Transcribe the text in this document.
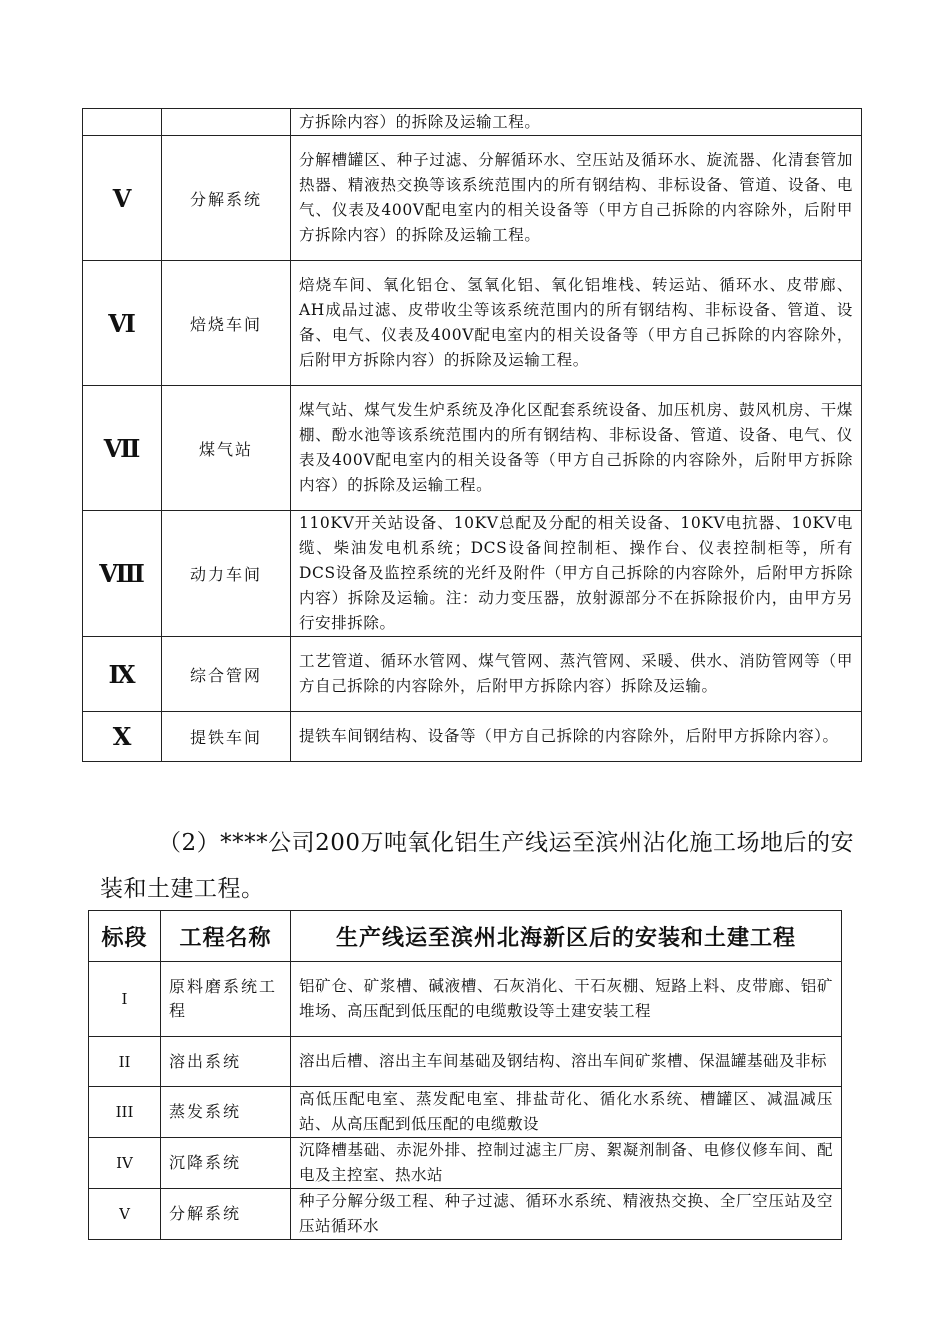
		方拆除内容）的拆除及运输工程。
V	分解系统	分解槽罐区、种子过滤、分解循环水、空压站及循环水、旋流器、化清套管加热器、精液热交换等该系统范围内的所有钢结构、非标设备、管道、设备、电气、仪表及400V配电室内的相关设备等（甲方自己拆除的内容除外，后附甲方拆除内容）的拆除及运输工程。
Ⅵ	焙烧车间	焙烧车间、氧化铝仓、氢氧化铝、氧化铝堆栈、转运站、循环水、皮带廊、AH成品过滤、皮带收尘等该系统范围内的所有钢结构、非标设备、管道、设备、电气、仪表及400V配电室内的相关设备等（甲方自己拆除的内容除外，后附甲方拆除内容）的拆除及运输工程。
Ⅶ	煤气站	煤气站、煤气发生炉系统及净化区配套系统设备、加压机房、鼓风机房、干煤棚、酚水池等该系统范围内的所有钢结构、非标设备、管道、设备、电气、仪表及400V配电室内的相关设备等（甲方自己拆除的内容除外，后附甲方拆除内容）的拆除及运输工程。
Ⅷ	动力车间	110KV开关站设备、10KV总配及分配的相关设备、10KV电抗器、10KV电缆、柴油发电机系统；DCS设备间控制柜、操作台、仪表控制柜等，所有DCS设备及监控系统的光纤及附件（甲方自己拆除的内容除外，后附甲方拆除内容）拆除及运输。注：动力变压器，放射源部分不在拆除报价内，由甲方另行安排拆除。
Ⅸ	综合管网	工艺管道、循环水管网、煤气管网、蒸汽管网、采暖、供水、消防管网等（甲方自己拆除的内容除外，后附甲方拆除内容）拆除及运输。
X	提铁车间	提铁车间钢结构、设备等（甲方自己拆除的内容除外，后附甲方拆除内容）。
（2）****公司200万吨氧化铝生产线运至滨州沾化施工场地后的安装和土建工程。
标段	工程名称	生产线运至滨州北海新区后的安装和土建工程
I	原料磨系统工程	铝矿仓、矿浆槽、碱液槽、石灰消化、干石灰棚、短路上料、皮带廊、铝矿堆场、高压配到低压配的电缆敷设等土建安装工程
II	溶出系统	溶出后槽、溶出主车间基础及钢结构、溶出车间矿浆槽、保温罐基础及非标
III	蒸发系统	高低压配电室、蒸发配电室、排盐苛化、循化水系统、槽罐区、减温减压站、从高压配到低压配的电缆敷设
IV	沉降系统	沉降槽基础、赤泥外排、控制过滤主厂房、絮凝剂制备、电修仪修车间、配电及主控室、热水站
V	分解系统	种子分解分级工程、种子过滤、循环水系统、精液热交换、全厂空压站及空压站循环水
